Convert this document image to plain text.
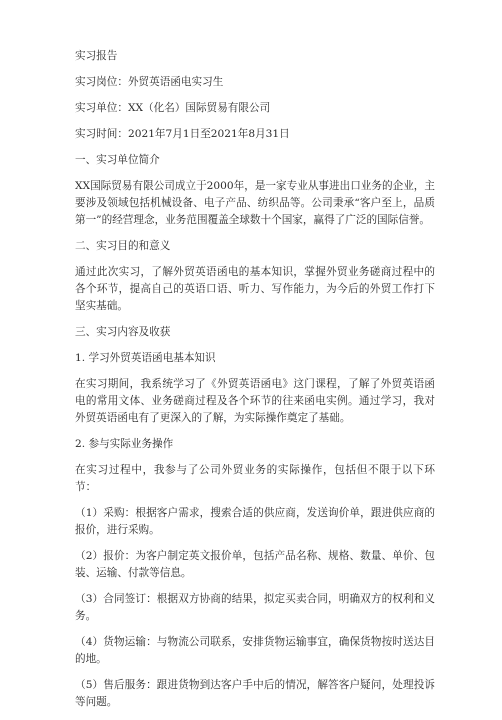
实习报告
实习岗位：外贸英语函电实习生
实习单位：XX（化名）国际贸易有限公司
实习时间：2021年7月1日至2021年8月31日
一、实习单位简介

XX国际贸易有限公司成立于2000年，是一家专业从事进出口业务的企业，主要涉及领域包括机械设备、电子产品、纺织品等。公司秉承“客户至上，品质第一”的经营理念，业务范围覆盖全球数十个国家，赢得了广泛的国际信誉。

二、实习目的和意义

通过此次实习，了解外贸英语函电的基本知识，掌握外贸业务磋商过程中的各个环节，提高自己的英语口语、听力、写作能力，为今后的外贸工作打下坚实基础。

三、实习内容及收获
1. 学习外贸英语函电基本知识

在实习期间，我系统学习了《外贸英语函电》这门课程，了解了外贸英语函电的常用文体、业务磋商过程及各个环节的往来函电实例。通过学习，我对外贸英语函电有了更深入的了解，为实际操作奠定了基础。

2. 参与实际业务操作

在实习过程中，我参与了公司外贸业务的实际操作，包括但不限于以下环节：

（1）采购：根据客户需求，搜索合适的供应商，发送询价单，跟进供应商的报价，进行采购。

（2）报价：为客户制定英文报价单，包括产品名称、规格、数量、单价、包装、运输、付款等信息。

（3）合同签订：根据双方协商的结果，拟定买卖合同，明确双方的权利和义务。

（4）货物运输：与物流公司联系，安排货物运输事宜，确保货物按时送达目的地。

（5）售后服务：跟进货物到达客户手中后的情况，解答客户疑问，处理投诉等问题。
